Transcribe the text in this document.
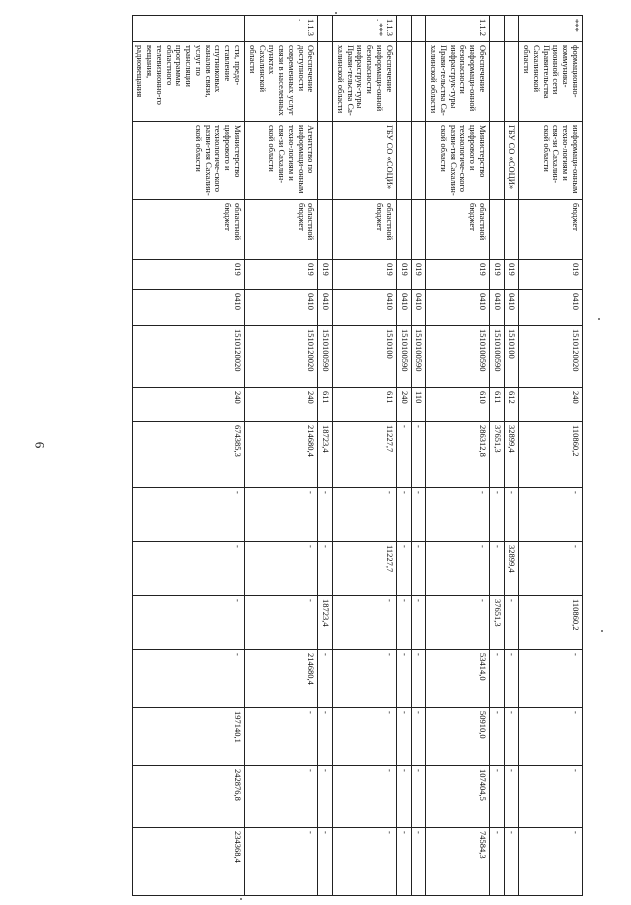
6
***	формационно-коммуника-ционной сети Правительства Сахалинской области	информаци-онным техно-логиям и свя-зи Сахалин-ской области	бюджет	019	0410	1510120020	240	110860,2	-	-	110860,2	-	-	-	-
		ГБУ СО «СОЦИ»		019	0410	1510100	612	32899,4	-	32899,4	-	-	-	-	-
				019	0410	1510100590	611	37651,3	-	-	37651,3	-	-	-	-
1.1.2	Обеспечение информаци-онной безопасности инфраструк-туры Прави-тельства Са-халинской области	Министерство цифрового и технологиче-ского разви-тия Сахалин-ской области	областной бюджет	019	0410	1510100590	610	286312,8	-	-	-	53414,0	50910,0	107404,5	74584,3
				019	0410	1510100590	110	-	-	-	-	-	-	-	-
				019	0410	1510100590	240	-	-	-	-	-	-	-	-
1.1.3. ***	Обеспечение информаци-онной безопасности инфраструк-туры Прави-тельства Са-халинской области	ГБУ СО «СОЦИ»	областной бюджет	019	0410	1510100	611	11227,7	-	11227,7	-	-	-	-	-
				019	0410	1510100590	611	18723,4	-	-	18723,4	-	-	-	-
1.1.3.	Обеспечение доступности современных услуг связи в населенных пунктах Сахалинской области	Агентство по информаци-онным техно-логиям и свя-зи Сахалин-ской области	областной бюджет	019	0410	1510120020	240	214680,4	-	-	-	214680,4	-	-	-
	сти, предо-ставление спутниковых каналов связи, услуг по трансляции программы областного телевизионно-го вещания, радиовещания	Министерство цифрового и технологиче-ского разви-тия Сахалин-ской области	областной бюджет	019	0410	1510120020	240	674385,3	-	-	-	-	197140,1	242876,8	234368,4
